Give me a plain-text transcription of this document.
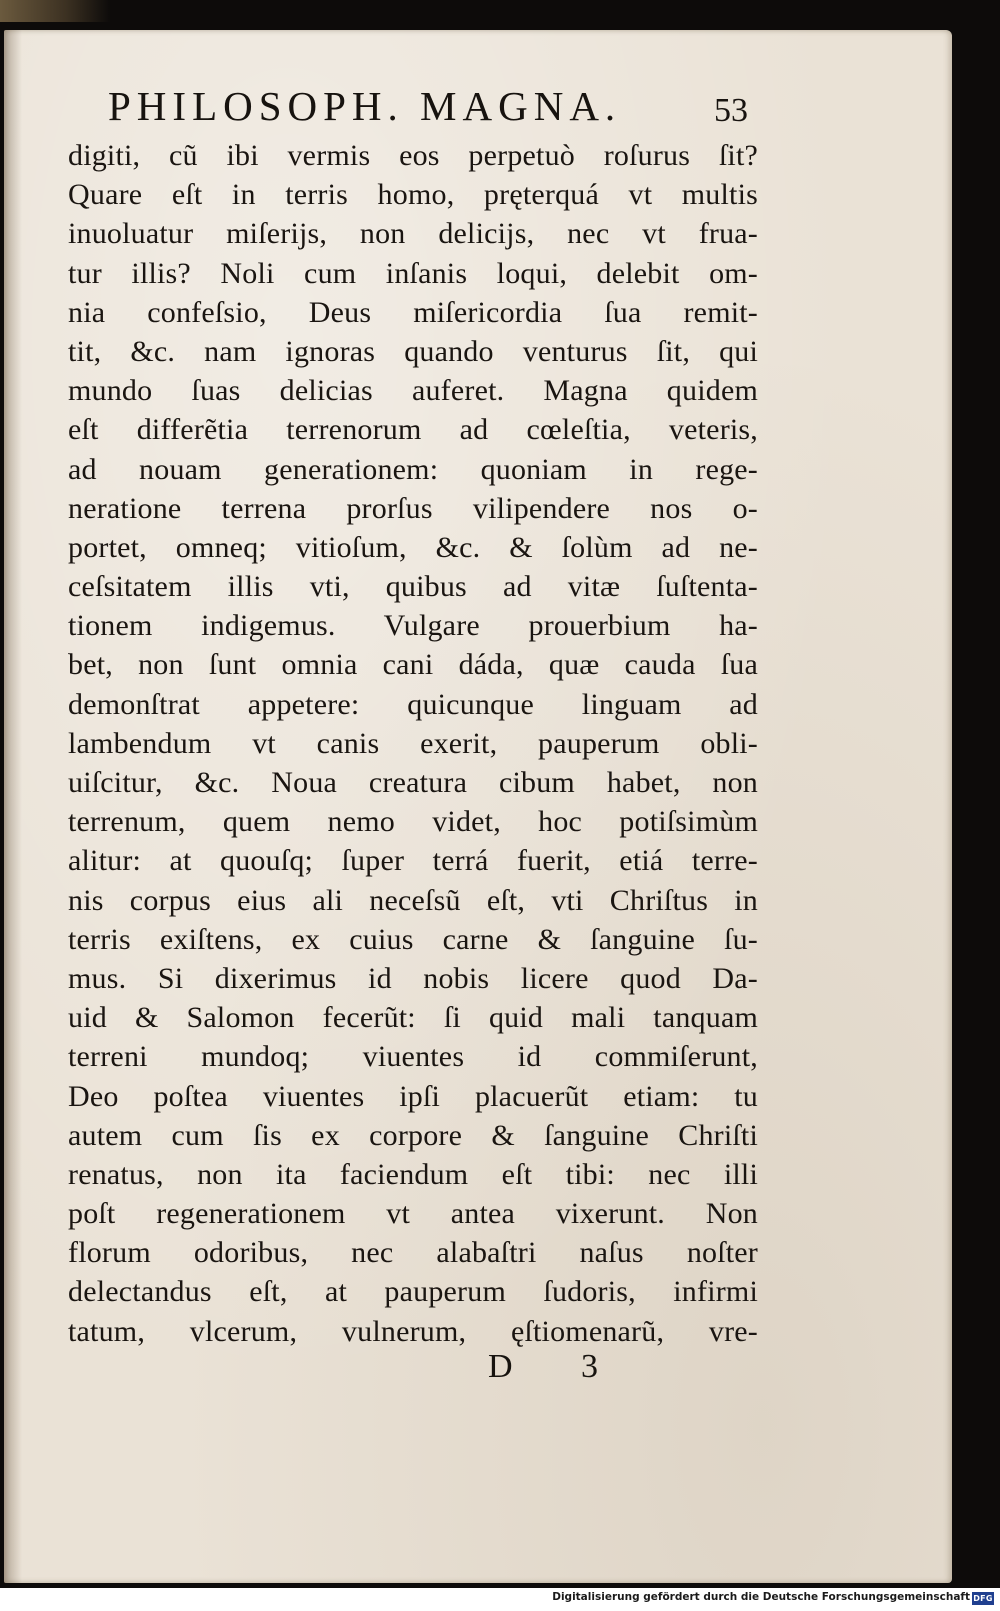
PHILOSOPH. MAGNA.	53
digiti, cũ ibi vermis eos perpetuò roſurus ſit?
Quare eſt in terris homo, pręterquá vt multis
inuoluatur miſerijs, non delicijs, nec vt frua-
tur illis? Noli cum inſanis loqui, delebit om-
nia confeſsio, Deus miſericordia ſua remit-
tit, &c. nam ignoras quando venturus ſit, qui
mundo ſuas delicias auferet. Magna quidem
eſt differẽtia terrenorum ad cœleſtia, veteris,
ad nouam generationem: quoniam in rege-
neratione terrena prorſus vilipendere nos o-
portet, omneq; vitioſum, &c. & ſolùm ad ne-
ceſsitatem illis vti, quibus ad vitæ ſuſtenta-
tionem indigemus. Vulgare prouerbium ha-
bet, non ſunt omnia cani dáda, quæ cauda ſua
demonſtrat appetere: quicunque linguam ad
lambendum vt canis exerit, pauperum obli-
uiſcitur, &c. Noua creatura cibum habet, non
terrenum, quem nemo videt, hoc potiſsimùm
alitur: at quouſq; ſuper terrá fuerit, etiá terre-
nis corpus eius ali neceſsũ eſt, vti Chriſtus in
terris exiſtens, ex cuius carne & ſanguine ſu-
mus. Si dixerimus id nobis licere quod Da-
uid & Salomon fecerũt: ſi quid mali tanquam
terreni mundoq; viuentes id commiſerunt,
Deo poſtea viuentes ipſi placuerũt etiam: tu
autem cum ſis ex corpore & ſanguine Chriſti
renatus, non ita faciendum eſt tibi: nec illi
poſt regenerationem vt antea vixerunt. Non
florum odoribus, nec alabaſtri naſus noſter
delectandus eſt, at pauperum ſudoris, infirmi
tatum, vlcerum, vulnerum, ęſtiomenarũ, vre-
D 3
Digitalisierung gefördert durch die Deutsche Forschungsgemeinschaft DFG
